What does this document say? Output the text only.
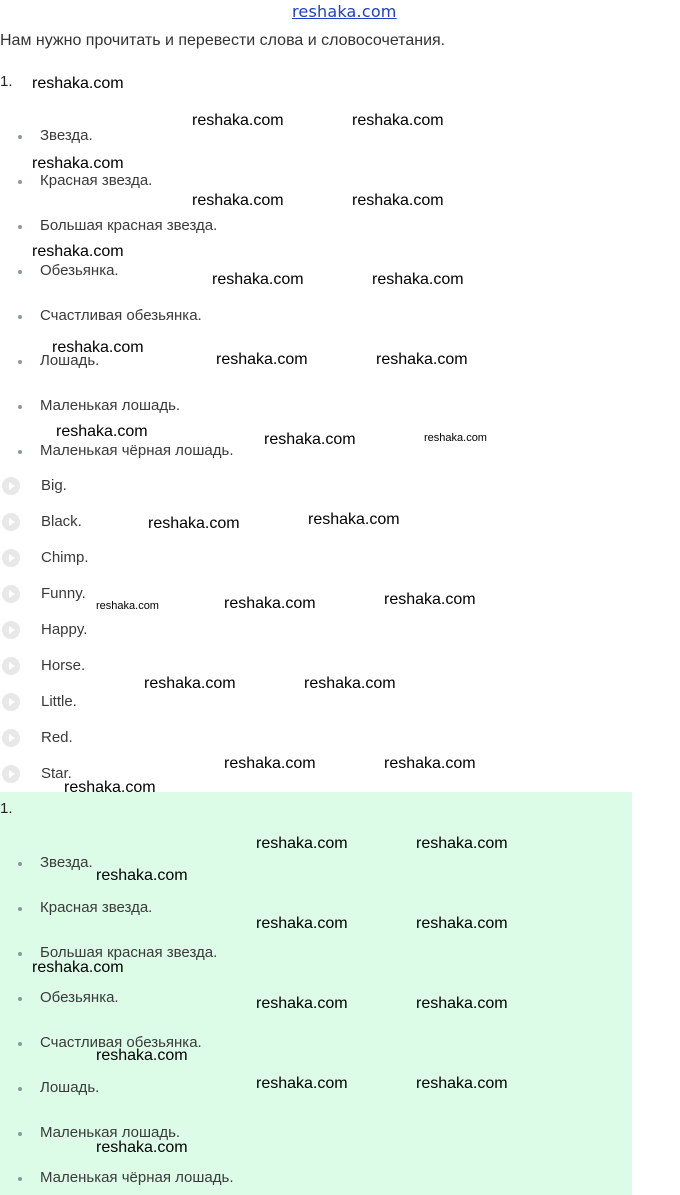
reshaka.com
Нам нужно прочитать и перевести слова и словосочетания.
1.
Звезда.
Красная звезда.
Большая красная звезда.
Обезьянка.
Счастливая обезьянка.
Лошадь.
Маленькая лошадь.
Маленькая чёрная лошадь.
Big.
Black.
Chimp.
Funny.
Happy.
Horse.
Little.
Red.
Star.
1.
Звезда.
Красная звезда.
Большая красная звезда.
Обезьянка.
Счастливая обезьянка.
Лошадь.
Маленькая лошадь.
Маленькая чёрная лошадь.
reshaka.com
reshaka.com	reshaka.com
reshaka.com
reshaka.com	reshaka.com
reshaka.com
reshaka.com	reshaka.com
reshaka.com
reshaka.com	reshaka.com
reshaka.com	reshaka.com	reshaka.com
reshaka.com	reshaka.com
reshaka.com	reshaka.com	reshaka.com
reshaka.com	reshaka.com
reshaka.com	reshaka.com
reshaka.com
reshaka.com	reshaka.com
reshaka.com
reshaka.com	reshaka.com
reshaka.com
reshaka.com	reshaka.com
reshaka.com
reshaka.com	reshaka.com
reshaka.com
